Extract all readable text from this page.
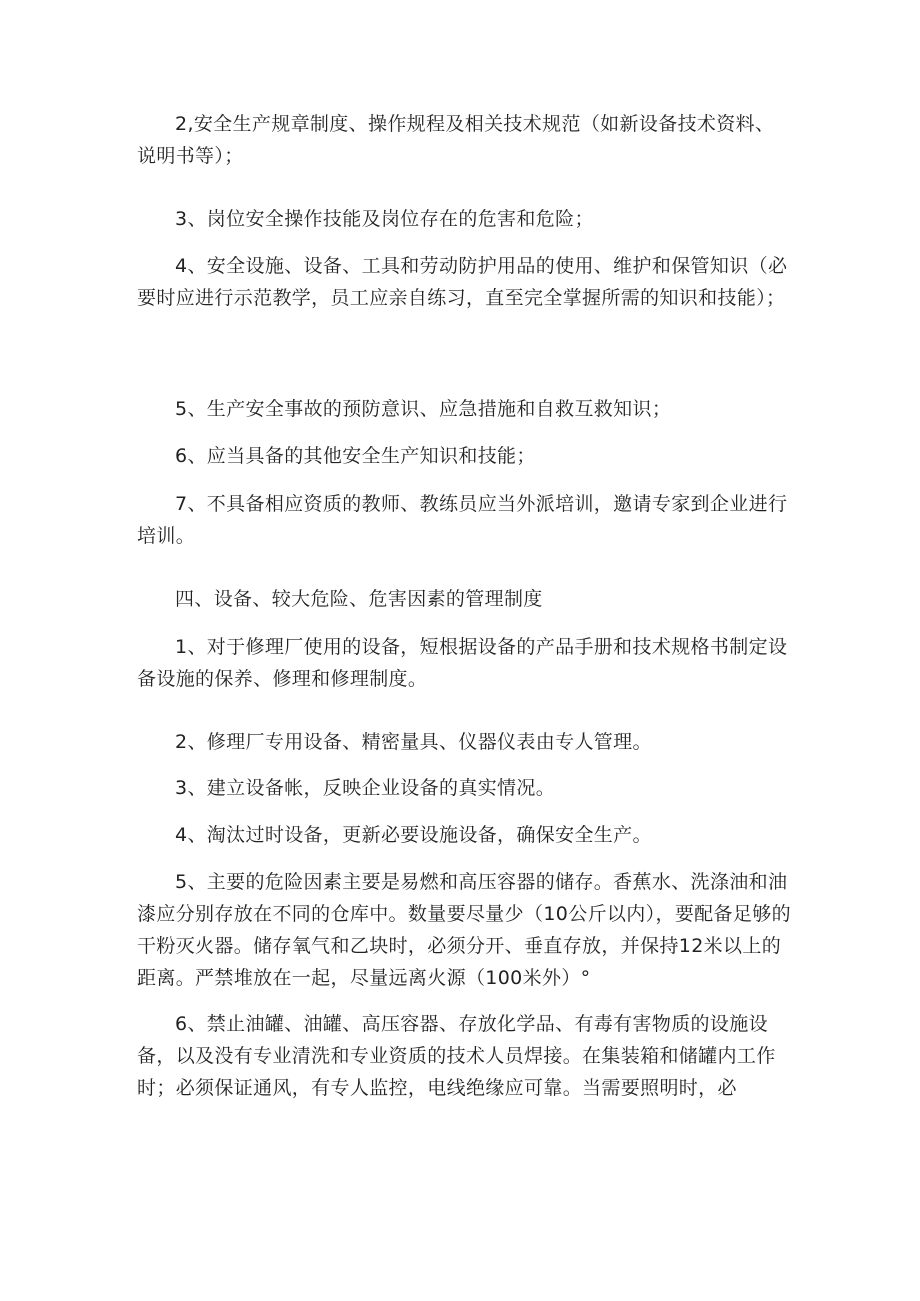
2,安全生产规章制度、操作规程及相关技术规范（如新设备技术资料、说明书等）；

3、岗位安全操作技能及岗位存在的危害和危险；

4、安全设施、设备、工具和劳动防护用品的使用、维护和保管知识（必要时应进行示范教学，员工应亲自练习，直至完全掌握所需的知识和技能）；

5、生产安全事故的预防意识、应急措施和自救互救知识；

6、应当具备的其他安全生产知识和技能；

7、不具备相应资质的教师、教练员应当外派培训，邀请专家到企业进行培训。

四、设备、较大危险、危害因素的管理制度

1、对于修理厂使用的设备，短根据设备的产品手册和技术规格书制定设备设施的保养、修理和修理制度。

2、修理厂专用设备、精密量具、仪器仪表由专人管理。

3、建立设备帐，反映企业设备的真实情况。

4、淘汰过时设备，更新必要设施设备，确保安全生产。

5、主要的危险因素主要是易燃和高压容器的储存。香蕉水、洗涤油和油漆应分别存放在不同的仓库中。数量要尽量少（10公斤以内），要配备足够的干粉灭火器。储存氧气和乙块时，必须分开、垂直存放，并保持12米以上的距离。严禁堆放在一起，尽量远离火源（100米外）°

6、禁止油罐、油罐、高压容器、存放化学品、有毒有害物质的设施设备，以及没有专业清洗和专业资质的技术人员焊接。在集装箱和储罐内工作时；必须保证通风，有专人监控，电线绝缘应可靠。当需要照明时，必
